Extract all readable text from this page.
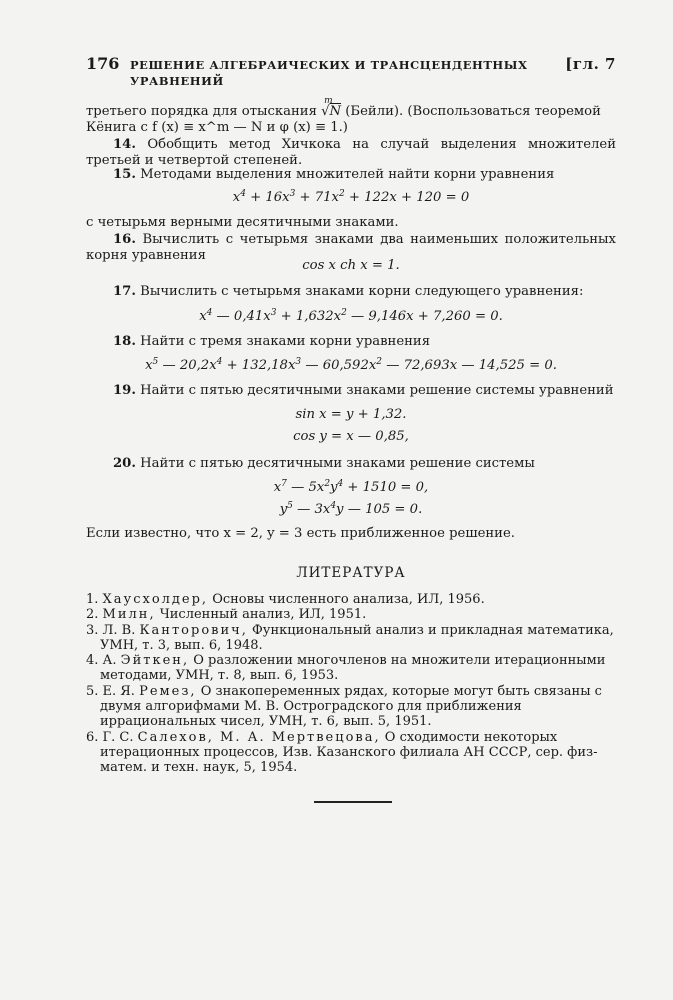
176 РЕШЕНИЕ АЛГЕБРАИЧЕСКИХ И ТРАНСЦЕНДЕНТНЫХ УРАВНЕНИЙ
[гл. 7
третьего порядка для отыскания
m
√N (Бейли). (Воспользоваться теоремой
Кёнига с f (x) ≡ x^m — N и φ (x) ≡ 1.)
14. Обобщить метод Хичкока на случай выделения множителей третьей и четвертой степеней.
15. Методами выделения множителей найти корни уравнения
$x^4 + 16x^3 + 71x^2 + 122x + 120 = 0$
с четырьмя верными десятичными знаками.
16. Вычислить с четырьмя знаками два наименьших положительных корня уравнения
cos x ch x = 1.
17. Вычислить с четырьмя знаками корни следующего уравнения:
$x^4$ — $0,41x^3 + 1,632x^2$ — 9,146x + 7,260 = 0.
18. Найти с тремя знаками корни уравнения
$x^5$ — $20,2x^4 + 132,18x^3$ — $60,592x^2$ — 72,693x — 14,525 = 0.
19. Найти с пятью десятичными знаками решение системы уравнений
sin x = y + 1,32.
cos y = x — 0,85,
20. Найти с пятью десятичными знаками решение системы
$x^7$ — $5x^2y^4 + 1510 = 0$,
$y^5$ — $3x^4y$ — 105 = 0.
Если известно, что x = 2, y = 3 есть приближенное решение.
ЛИТЕРАТУРА
1. Хаусхолдер, Основы численного анализа, ИЛ, 1956.
2. Милн, Численный анализ, ИЛ, 1951.
3. Л. В. Канторович, Функциональный анализ и прикладная математика, УМН, т. 3, вып. 6, 1948.
4. А. Эйткен, О разложении многочленов на множители итерационными методами, УМН, т. 8, вып. 6, 1953.
5. Е. Я. Ремез, О знакопеременных рядах, которые могут быть связаны с двумя алгорифмами М. В. Остроградского для приближения иррациональных чисел, УМН, т. 6, вып. 5, 1951.
6. Г. С. Салехов, М. А. Мертвецова, О сходимости некоторых итерационных процессов, Изв. Казанского филиала АН СССР, сер. физ-матем. и техн. наук, 5, 1954.
